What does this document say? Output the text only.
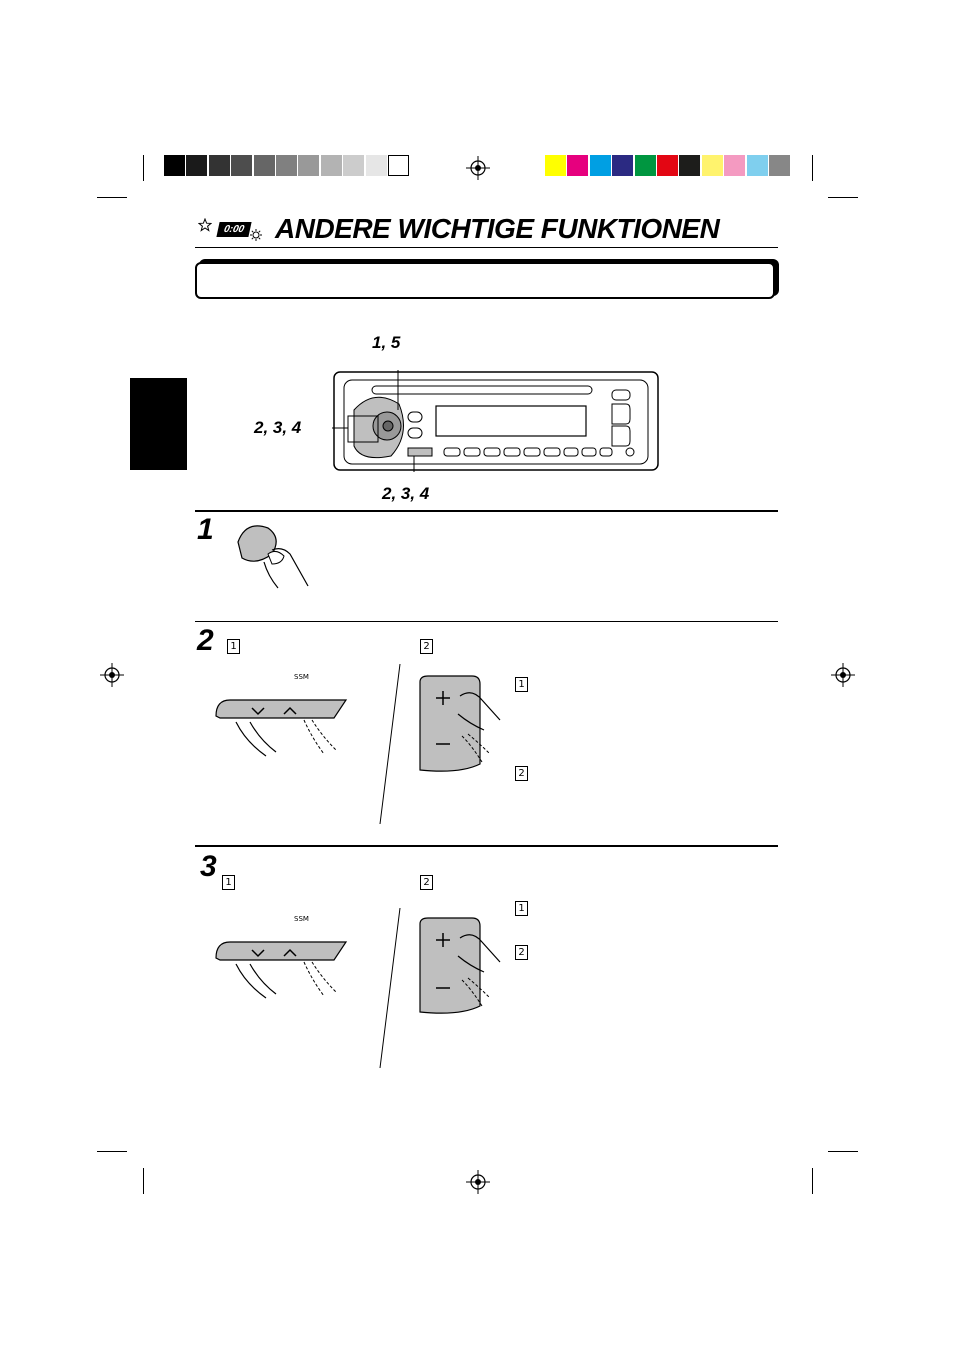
0:00 ANDERE WICHTIGE FUNKTIONEN
1, 5
2, 3, 4
2, 3, 4
1
2	1	2
SSM
1
2
3 1	2
SSM
1
2
